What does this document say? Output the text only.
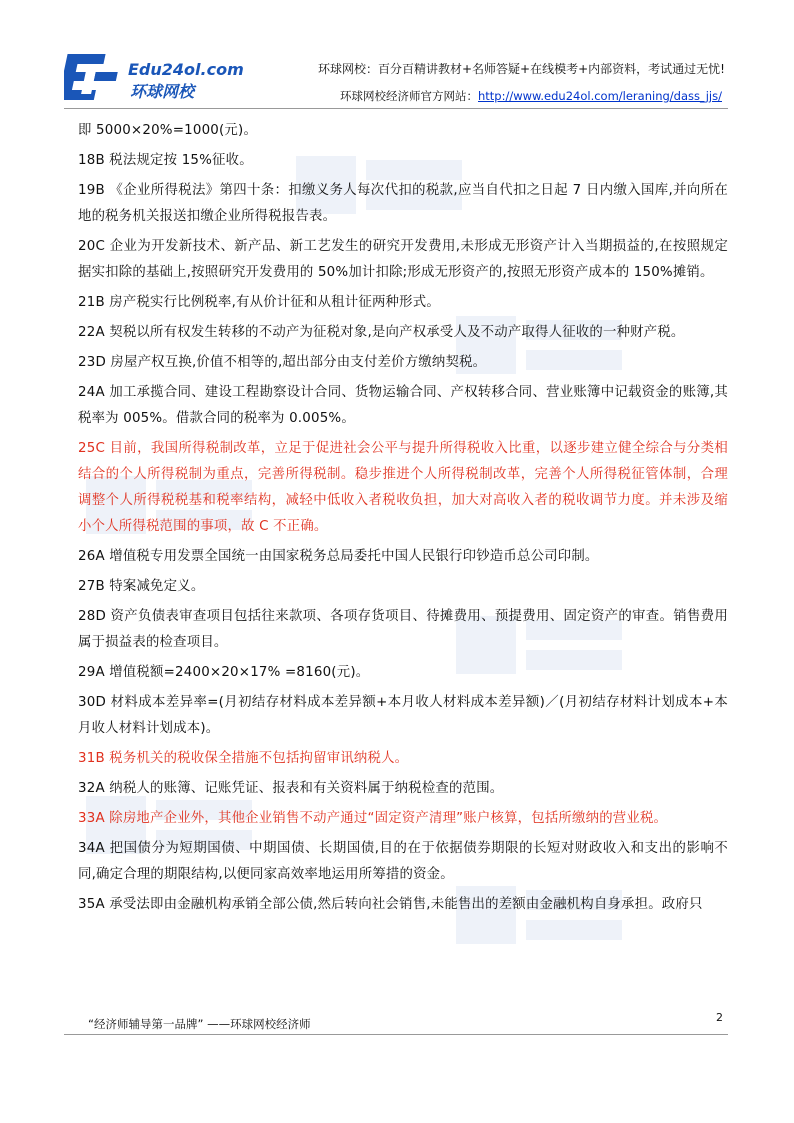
Edu24ol.com
环球网校
环球网校：百分百精讲教材+名师答疑+在线模考+内部资料，考试通过无忧!
环球网校经济师官方网站：http://www.edu24ol.com/leraning/dass_jjs/

即 5000×20%=1000(元)。

18B 税法规定按 15%征收。

19B 《企业所得税法》第四十条：扣缴义务人每次代扣的税款,应当自代扣之日起 7 日内缴入国库,并向所在地的税务机关报送扣缴企业所得税报告表。

20C 企业为开发新技术、新产品、新工艺发生的研究开发费用,未形成无形资产计入当期损益的,在按照规定据实扣除的基础上,按照研究开发费用的 50%加计扣除;形成无形资产的,按照无形资产成本的 150%摊销。

21B 房产税实行比例税率,有从价计征和从租计征两种形式。

22A 契税以所有权发生转移的不动产为征税对象,是向产权承受人及不动产取得人征收的一种财产税。

23D 房屋产权互换,价值不相等的,超出部分由支付差价方缴纳契税。

24A 加工承揽合同、建设工程勘察设计合同、货物运输合同、产权转移合同、营业账簿中记载资金的账簿,其税率为 005%。借款合同的税率为 0.005%。

25C 目前，我国所得税制改革，立足于促进社会公平与提升所得税收入比重，以逐步建立健全综合与分类相结合的个人所得税制为重点，完善所得税制。稳步推进个人所得税制改革，完善个人所得税征管体制，合理调整个人所得税税基和税率结构，减轻中低收入者税收负担，加大对高收入者的税收调节力度。并未涉及缩小个人所得税范围的事项，故 C 不正确。

26A 增值税专用发票全国统一由国家税务总局委托中国人民银行印钞造币总公司印制。

27B 特案减免定义。

28D 资产负债表审查项目包括往来款项、各项存货项目、待摊费用、预提费用、固定资产的审查。销售费用属于损益表的检查项目。

29A 增值税额=2400×20×17% =8160(元)。

30D 材料成本差异率=(月初结存材料成本差异额+本月收人材料成本差异额)／(月初结存材料计划成本+本月收人材料计划成本)。

31B 税务机关的税收保全措施不包括拘留审讯纳税人。

32A 纳税人的账簿、记账凭证、报表和有关资料属于纳税检查的范围。

33A 除房地产企业外，其他企业销售不动产通过“固定资产清理”账户核算，包括所缴纳的营业税。

34A 把国债分为短期国债、中期国债、长期国债,目的在于依据债券期限的长短对财政收入和支出的影响不同,确定合理的期限结构,以便同家高效率地运用所筹措的资金。

35A 承受法即由金融机构承销全部公债,然后转向社会销售,未能售出的差额由金融机构自身承担。政府只

“经济师辅导第一品牌” ——环球网校经济师	2
